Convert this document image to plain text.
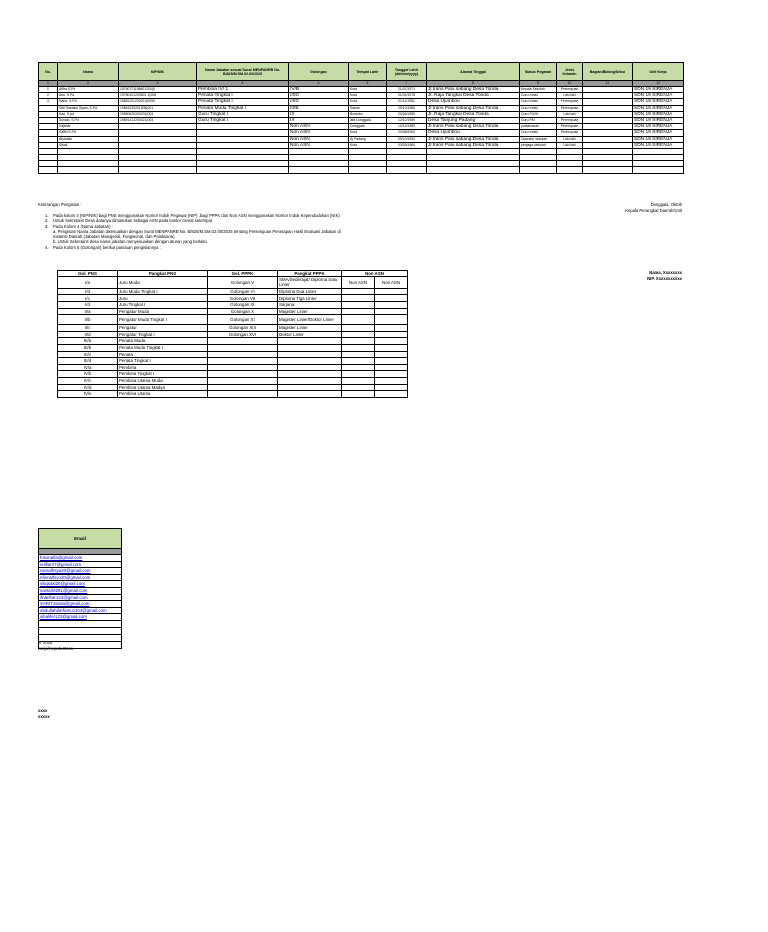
No.	Nama	NIP/NIK	Nama Jabatan sesuai Surat MENPANRB No. B/825/M.SM.02.00/2025	Golongan	Tempat Lahir	Tanggal Lahir (dd/mm/yyyy)	Alamat Tinggal	Status Pegawai	Jenis Kelamin	Bagian/Bidang/Seksi	Unit Kerja
1	2	3	4	5	6	7	8	9	10	11	12
1	Afifra S.Pd	19750721198601200(0	Pembina IV/ 1	IV/B	Kota	21/07/1971	Jl trans Palu sabang Desa Tonda	Kepala Sekolah	Perempuan		SDN 19 SIRENJA
2	Aku. S.Pd	19780101200801 1(008	Penata Tingkat I	III/D	Kota	01/01/1978	Jl. Raja Tangkai Desa Tonda	Guru Kelas	Laki laki		SDN 19 SIRENJA
3	Nafra. S.Pd	19881101201001(0006	Penata Tingkat I	III/D	Kota	01/11/1981	Desa Ujumbou	Guru Kelas	Perempuan		SDN 19 SIRENJA
	Sitti Rabiatul Syam, S.Pd	19861029201908(001	Penata Muda Tingkat I	III/B	Sabah	29/10/1986	Jl trans Palu sabang Desa Tonda	Guru Kelas	Perempuan		SDN 19 SIRENJA
	Sari, S.pd	19890620200201(003	Guru Tingkat I	IX	Bontobo	20/06/1989	Jl. Raja Tangkai Desa Tonda	Guru PJOK	Laki laki		SDN 19 SIRENJA
	Sonaki, S.Pd	19891412200421(003	Guru Tingkat I	IX	labi Donggala	12/10/1989	Desa Tanjung Padang	Guru PAI	Perempuan		SDN 19 SIRENJA
	Irajahar			Non ASN	Donggala	10/12/1989	Jl trans Palu sabang Desa Tonda	pustakawan	Perempuan		SDN 19 SIRENJA
	Salfiri S.Pd			Non ASN	Kota	23/08/2000	Desa Ujumbou	Guru Kelas	Perempuan		SDN 19 SIRENJA
	Abdullah			Non ASN	Sj Padang	09/10/1993	Jl trans Palu sabang Desa Tonda	Operator sekolah	Laki laki		SDN 19 SIRENJA
	Sibali			Non ASN	Kota	03/03/1960	Jl trans Palu sabang Desa Tonda	penjaga sekolah	Laki laki		SDN 19 SIRENJA

Keterangan Pengisian :
1.	Pada kolom 3 (NIP/NIK) bagi PNS menggunakan Nomor Induk Pegawai (NIP) ,bagi PPPK dan Non ASN menggunakan Nomor Induk Kependudukan (NIK)
2.	Untuk Sekretaris Desa datanya dimasukan sebagai ASN pada kantor camat setempat
3.	Pada Kolom 4 (Nama Jabatan) :
a. Pengisian Nama Jabatan disesuaikan dengan Surat MENPANRB No. B/825/M.SM.02.00/2025 tentang Persetujuan Penetapan Hasil Evaluasi Jabatan di
Instansi Daerah (Jabatan Manajerial, Fungsional, dan Pelaksana)
b. Untuk Sekretaris desa nama jabatan menyesuaikan dengan aturan yang berlaku
4.	Pada Kolom 5 (Golongan) berikut panduan pengisiannya :
Donggala, Oktob
Kepala Perangkat Daerah/Unit
Nama, Xxxxxxxx
NIP. Xxxxxxxxxxx
Gol. PNS	Pangkat PNS	Gol. PPPK	Pangkat PPPK	Non ASN	
I/a	Juru Muda	Golongan V	SMA/Sederajat/ Diploma Satu Linier	Non ASN	Non ASN
I/d	Juru Muda Tingkat I	Golongan VI	Diploma Dua Linier		
I/c	Juru	Golongan VII	Diploma Tiga Linier		
I/d	Juru Tingkat I	Golongan IX	Sarjana		
II/a	Pengatur Muda	Golongan X	Magister Linier		
II/b	Pengatur Muda Tingkat I	Golongan XI	Magister Linier/Doktor Linier		
II/c	Pengatur	Golongan XIII	Magister Linier		
II/d	Pengatur Tingkat I	Golongan XVI	Doktor Linier		
III/a	Penata Muda				
III/b	Penata Muda Tingkat I				
III/c	Penata				
III/d	Penata Tingkat I				
IV/a	Pembina				
IV/b	Pembina Tingkat I				
IV/c	Pembina Utama Muda				
IV/d	Pembina Utama Madya				
IV/e	Pembina Utama				
Email

fnsonaifa@gmail.com
sulfiar27@gmail.com
nienalfrsya20@gmail.com
nfienalfsyo20@gmail.com
sitiqsaki20@gmail.com
santari6261@gmail.com
ifnarihar123@gmail.com
SARITJanda@gmail.com
abdullahdarfamu1104@gmail.com
sibalifer123@gmail.com

er 2025
Kerja/Kepala Desa
xxxx
xxxxx
